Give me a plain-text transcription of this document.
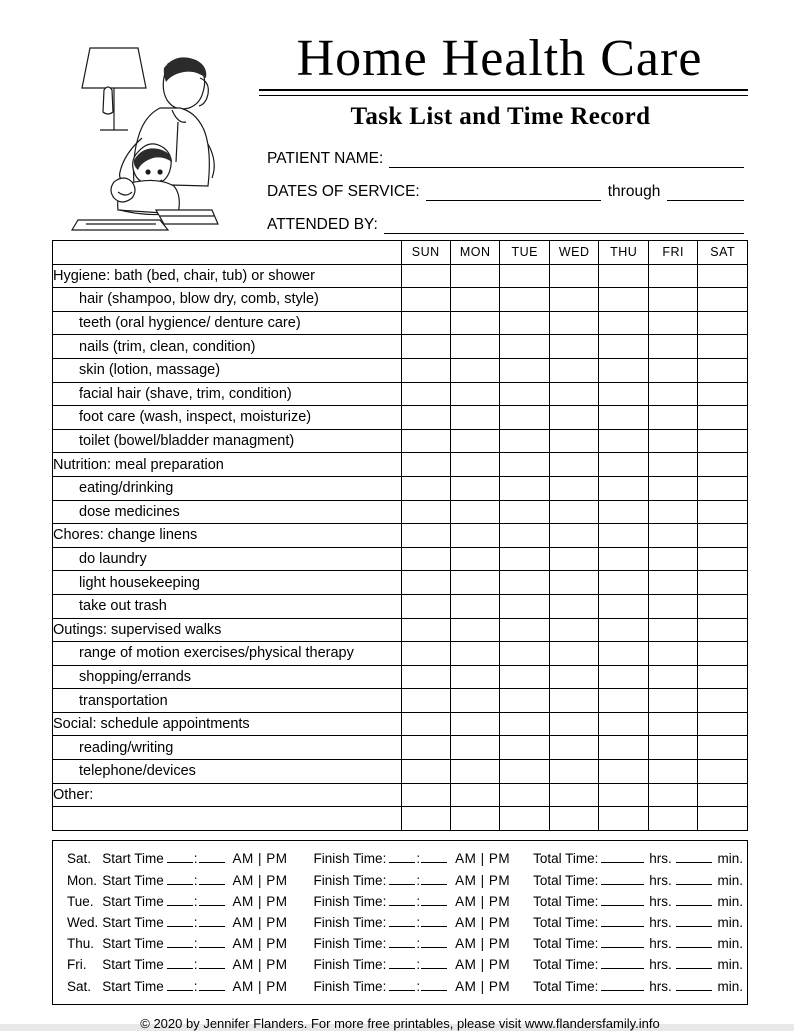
Home Health Care
Task List and Time Record
PATIENT NAME:
DATES OF SERVICE:	through
ATTENDED BY:
	SUN	MON	TUE	WED	THU	FRI	SAT
Hygiene: bath (bed, chair, tub) or shower							
hair (shampoo, blow dry, comb, style)							
teeth (oral hygience/ denture care)							
nails (trim, clean, condition)							
skin (lotion, massage)							
facial hair (shave, trim, condition)							
foot care (wash, inspect, moisturize)							
toilet (bowel/bladder managment)							
Nutrition: meal preparation							
eating/drinking							
dose medicines							
Chores: change linens							
do laundry							
light housekeeping							
take out trash							
Outings: supervised walks							
range of motion exercises/physical therapy							
shopping/errands							
transportation							
Social: schedule appointments							
reading/writing							
telephone/devices							
Other:							

Sat. Start Time :	AM | PM Finish Time: :	AM | PM Total Time:	hrs.	min.
Mon. Start Time :	AM | PM Finish Time: :	AM | PM Total Time:	hrs.	min.
Tue. Start Time :	AM | PM Finish Time: :	AM | PM Total Time:	hrs.	min.
Wed. Start Time :	AM | PM Finish Time: :	AM | PM Total Time:	hrs.	min.
Thu. Start Time :	AM | PM Finish Time: :	AM | PM Total Time:	hrs.	min.
Fri.	Start Time :	AM | PM Finish Time: :	AM | PM Total Time:	hrs.	min.
Sat. Start Time :	AM | PM Finish Time: :	AM | PM Total Time:	hrs.	min.
© 2020 by Jennifer Flanders. For more free printables, please visit www.flandersfamily.info
